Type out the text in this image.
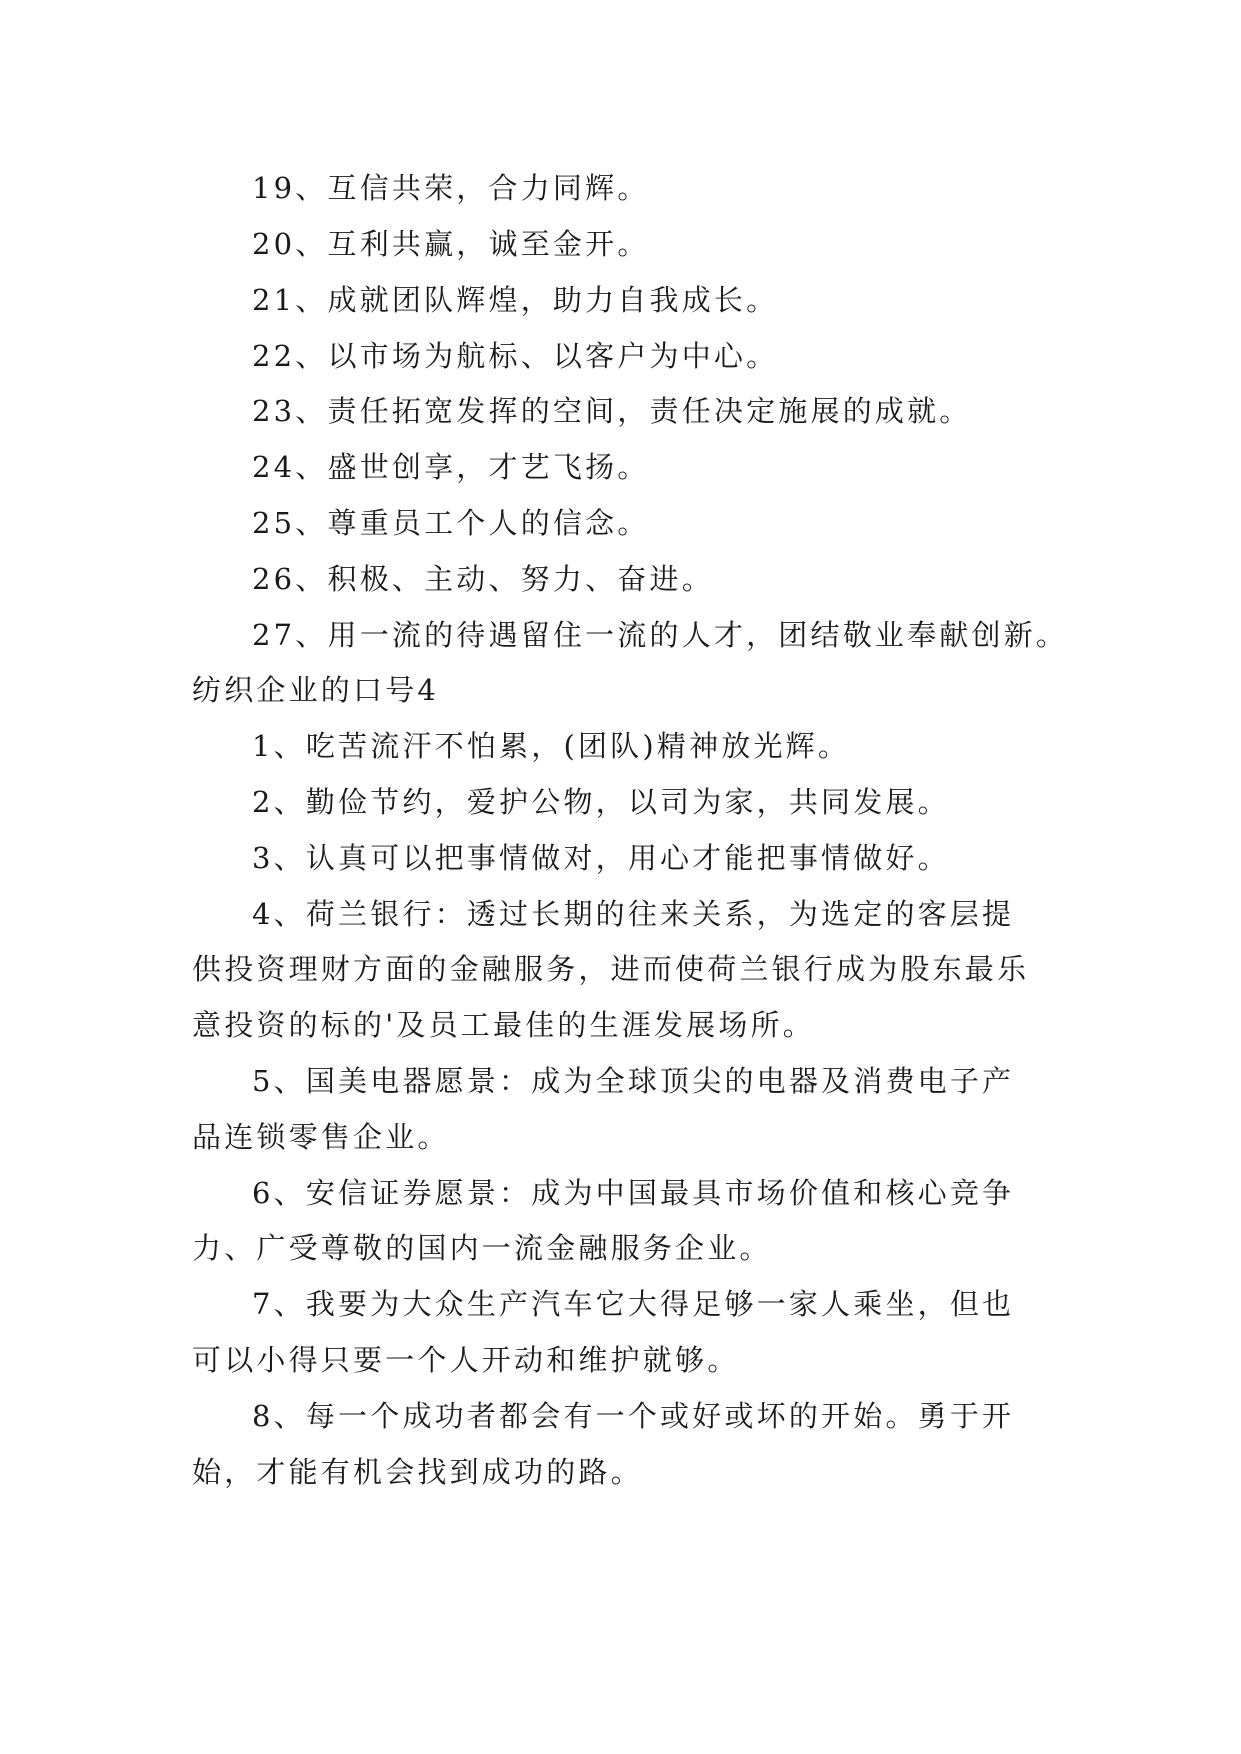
19、互信共荣，合力同辉。
20、互利共赢，诚至金开。
21、成就团队辉煌，助力自我成长。
22、以市场为航标、以客户为中心。
23、责任拓宽发挥的空间，责任决定施展的成就。
24、盛世创享，才艺飞扬。
25、尊重员工个人的信念。
26、积极、主动、努力、奋进。
27、用一流的待遇留住一流的人才，团结敬业奉献创新。
纺织企业的口号4
1、吃苦流汗不怕累，(团队)精神放光辉。
2、勤俭节约，爱护公物，以司为家，共同发展。
3、认真可以把事情做对，用心才能把事情做好。
4、荷兰银行：透过长期的往来关系，为选定的客层提
供投资理财方面的金融服务，进而使荷兰银行成为股东最乐
意投资的标的'及员工最佳的生涯发展场所。
5、国美电器愿景：成为全球顶尖的电器及消费电子产
品连锁零售企业。
6、安信证券愿景：成为中国最具市场价值和核心竞争
力、广受尊敬的国内一流金融服务企业。
7、我要为大众生产汽车它大得足够一家人乘坐，但也
可以小得只要一个人开动和维护就够。
8、每一个成功者都会有一个或好或坏的开始。勇于开
始，才能有机会找到成功的路。
